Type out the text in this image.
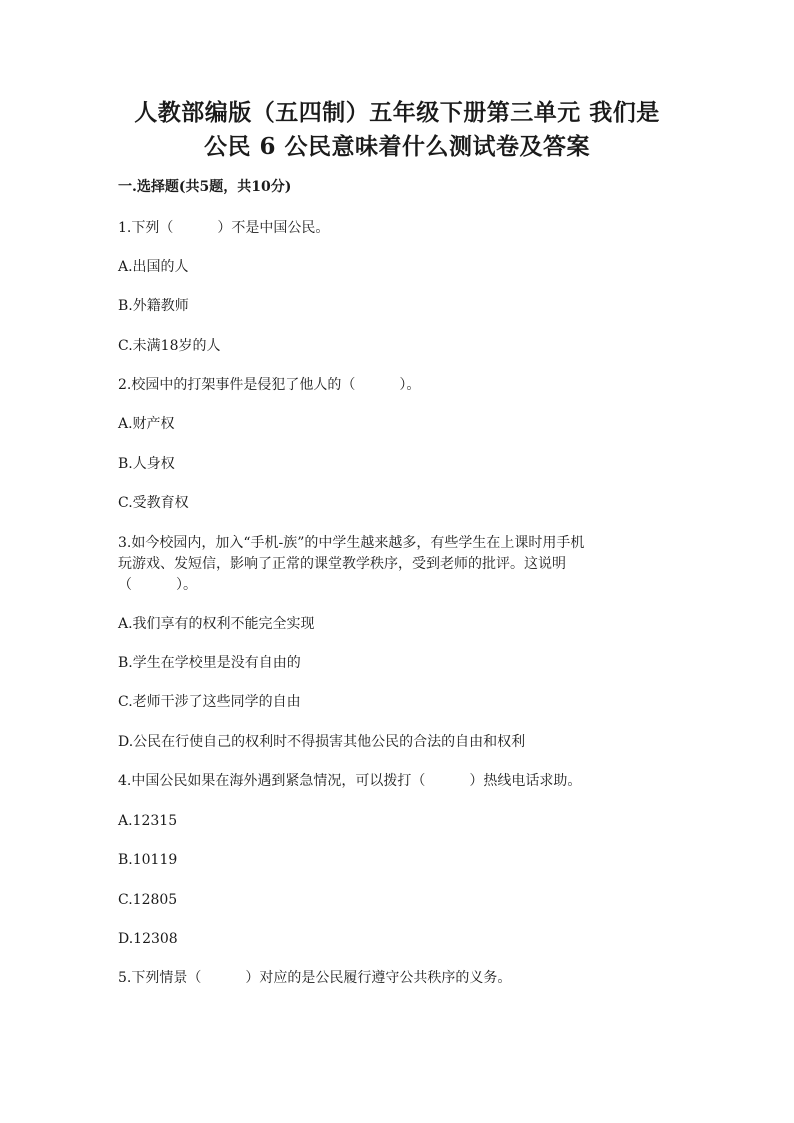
人教部编版（五四制）五年级下册第三单元 我们是
公民 6 公民意味着什么测试卷及答案
一.选择题(共5题，共10分)
1.下列（	）不是中国公民。
A.出国的人
B.外籍教师
C.未满18岁的人
2.校园中的打架事件是侵犯了他人的（	）。
A.财产权
B.人身权
C.受教育权
3.如今校园内，加入“手机-族”的中学生越来越多，有些学生在上课时用手机
玩游戏、发短信，影响了正常的课堂教学秩序，受到老师的批评。这说明
（	）。
A.我们享有的权利不能完全实现
B.学生在学校里是没有自由的
C.老师干涉了这些同学的自由
D.公民在行使自己的权利时不得损害其他公民的合法的自由和权利
4.中国公民如果在海外遇到紧急情况，可以拨打（	）热线电话求助。
A.12315
B.10119
C.12805
D.12308
5.下列情景（	）对应的是公民履行遵守公共秩序的义务。
